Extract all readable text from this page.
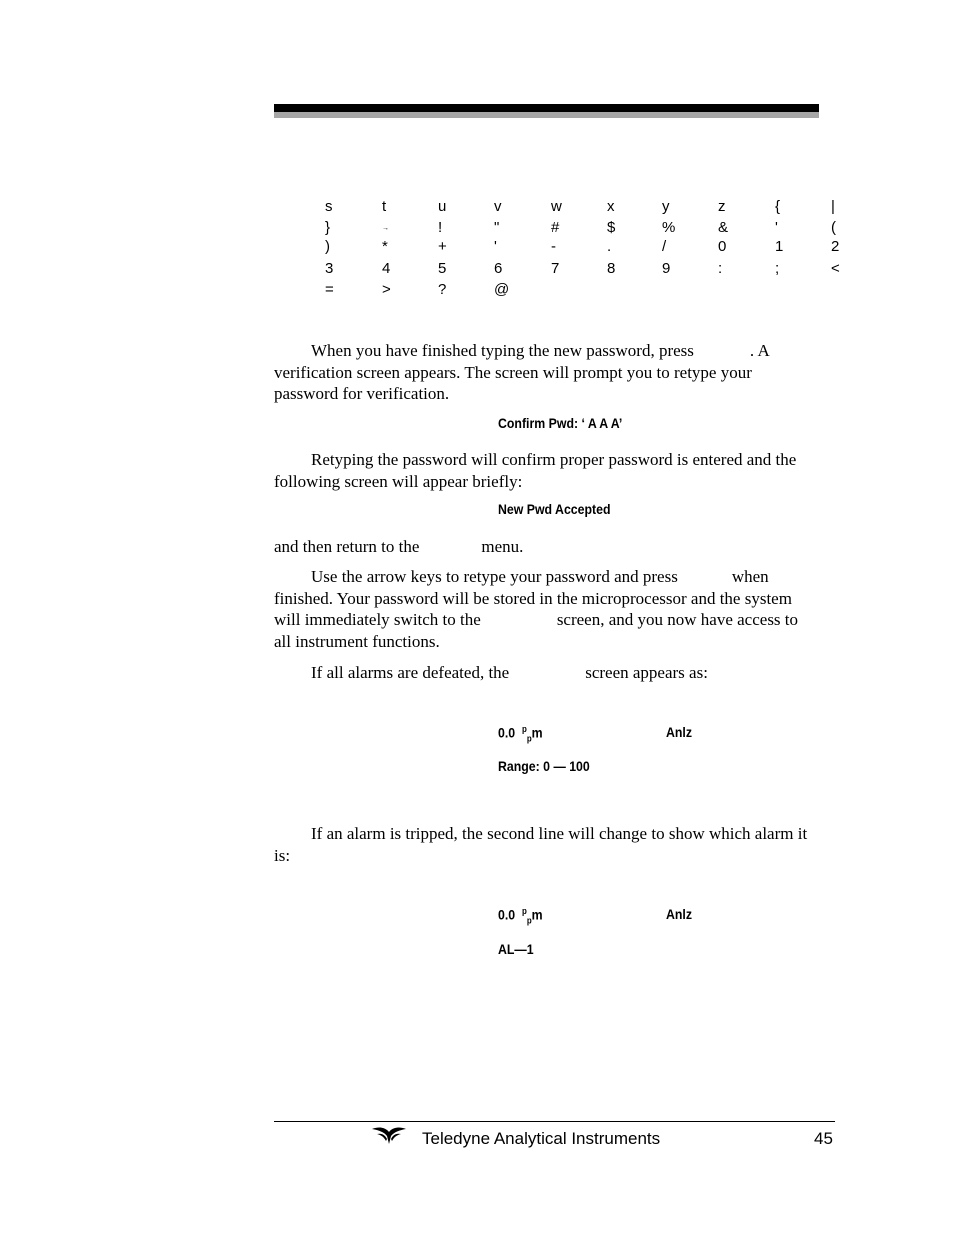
s	t	u	v	w	x	y	z	{	|
}	→	!	"	#	$	%	&	'	(
)	*	+	'	-	.	/	0	1	2
3	4	5	6	7	8	9	:	;	<
=	>	?	@
When you have finished typing the new password, press	. A verification screen appears. The screen will prompt you to retype your password for verification.
Confirm Pwd: ‘ A A A’
Retyping the password will confirm proper password is entered and the following screen will appear briefly:
New Pwd Accepted
and then return to the	menu.
Use the arrow keys to retype your password and press	when finished. Your password will be stored in the microprocessor and the system will immediately switch to the	screen, and you now have access to all instrument functions.
If all alarms are defeated, the	screen appears as:
0.0 $^p_p$m	Anlz
Range: 0 — 100
If an alarm is tripped, the second line will change to show which alarm it is:
0.0 $^p_p$m	Anlz
AL—1
Teledyne Analytical Instruments	45
